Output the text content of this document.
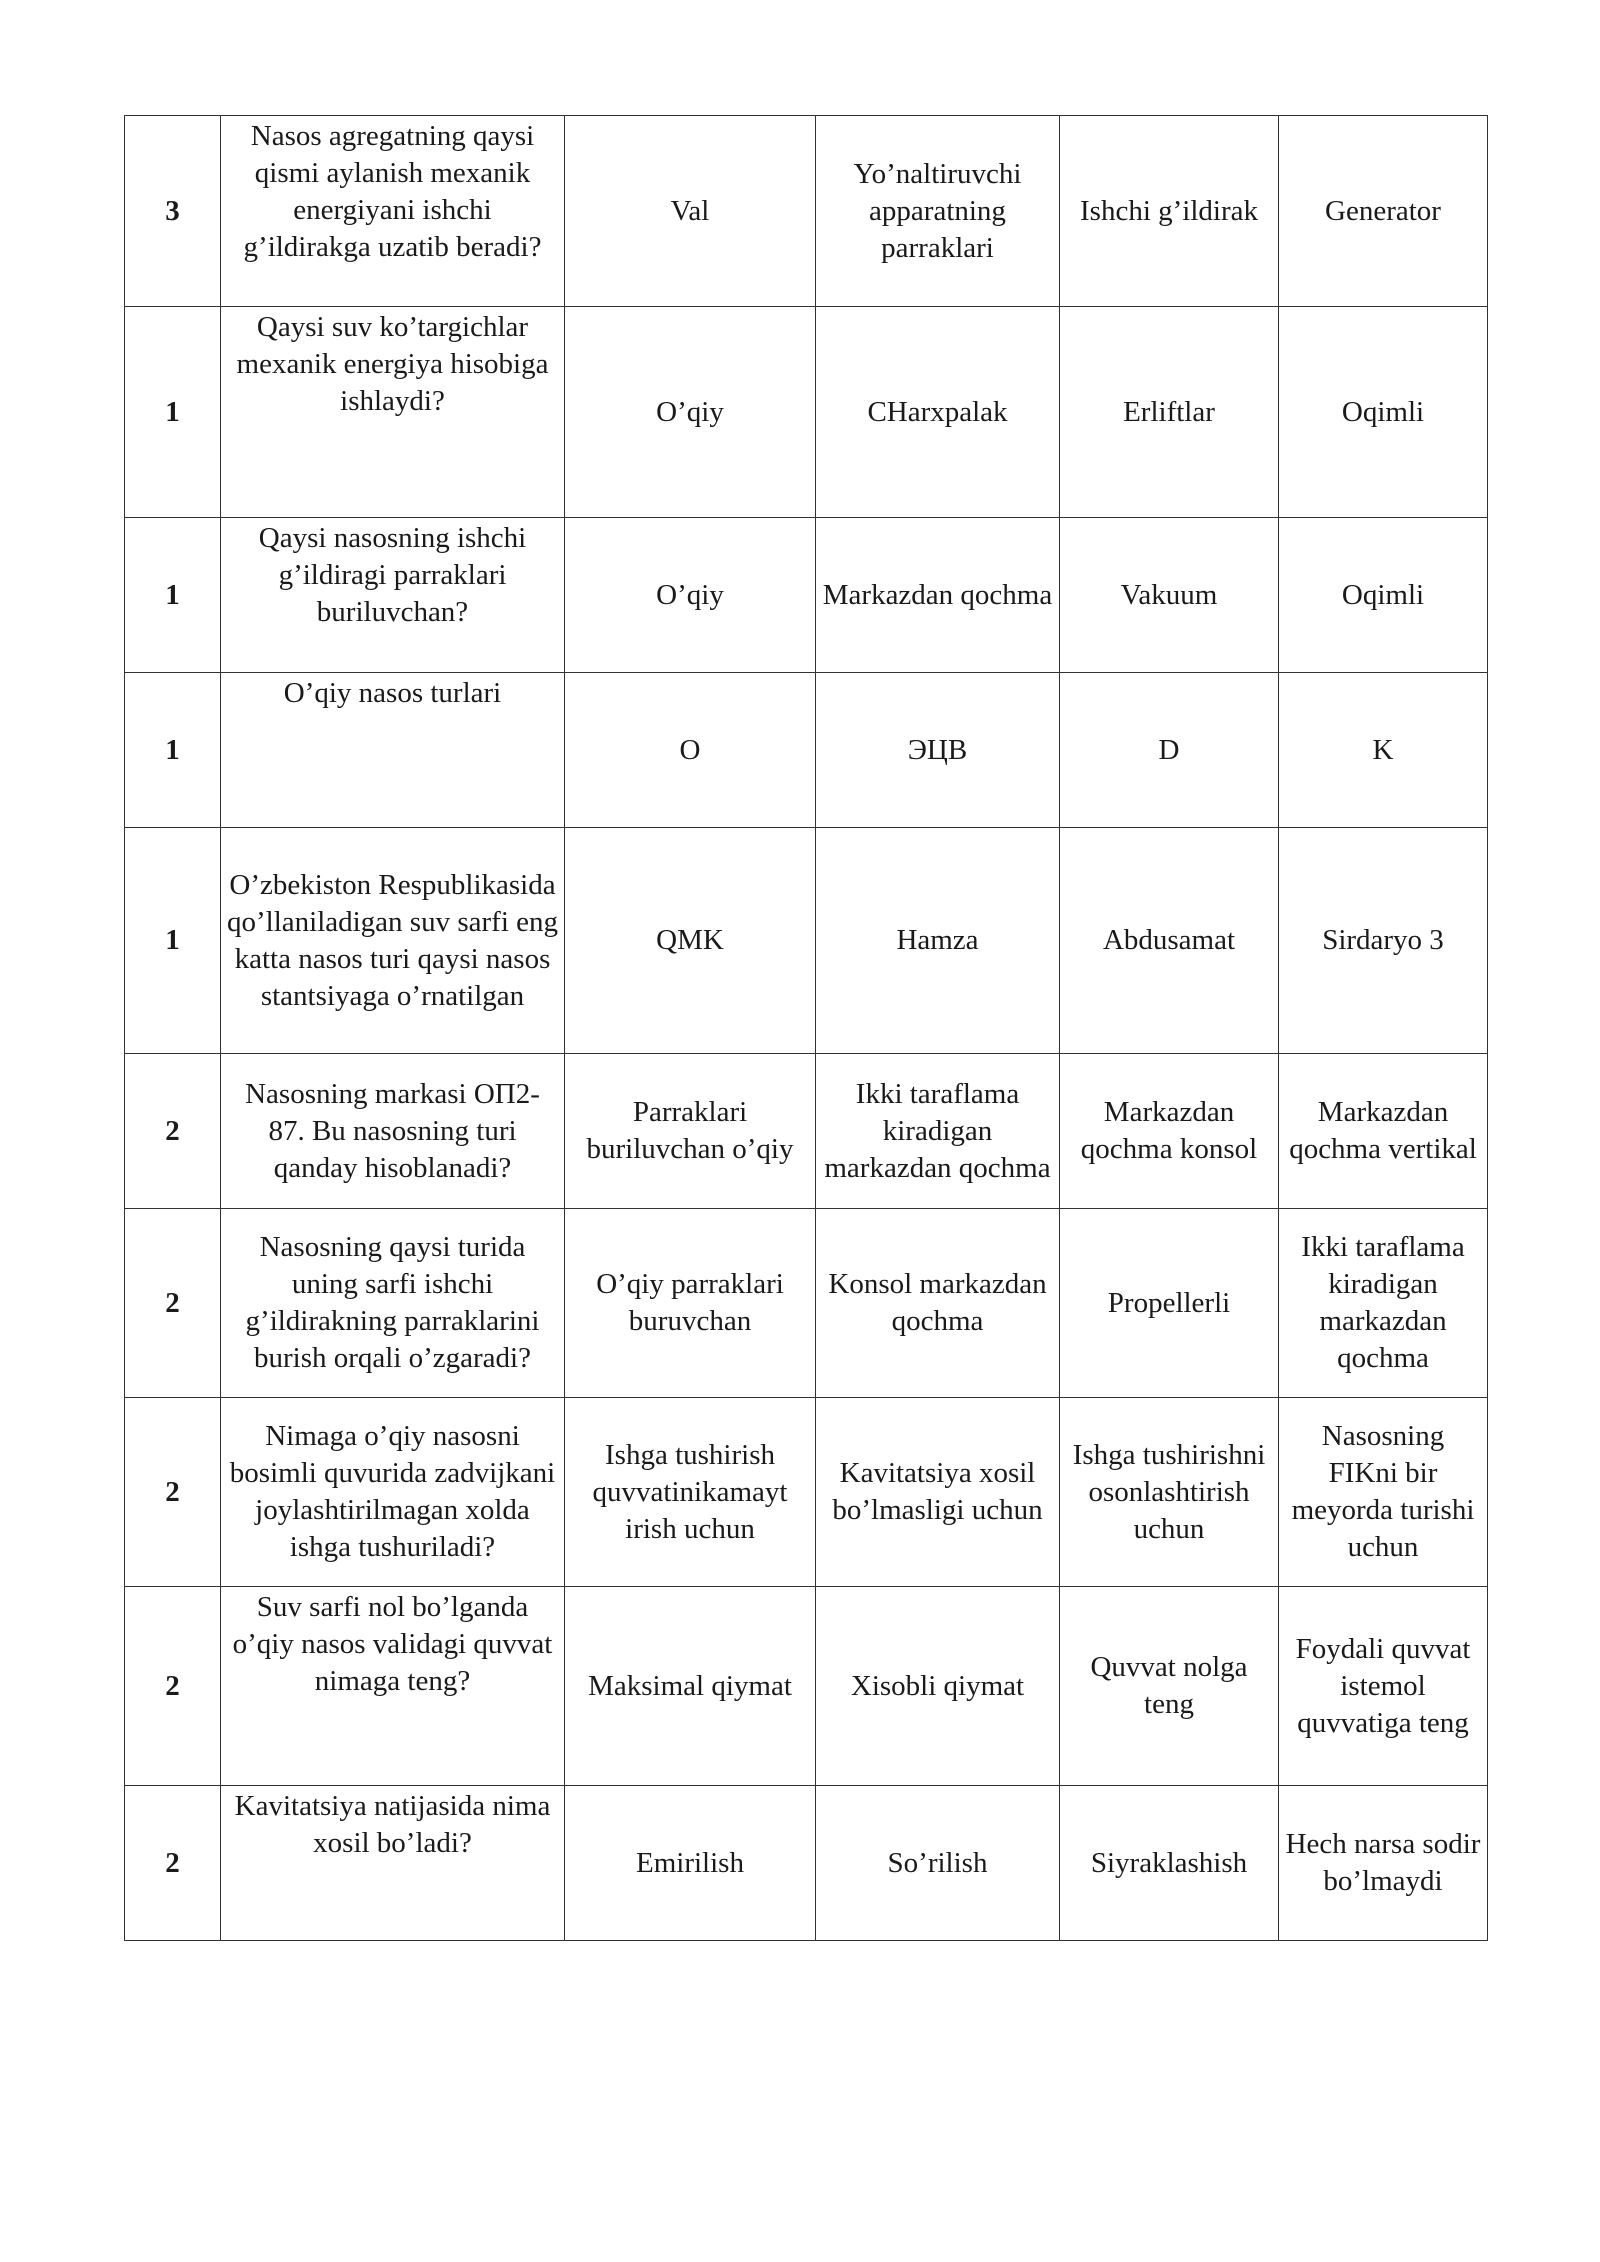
3	Nasos agregatning qaysi qismi aylanish mexanik energiyani ishchi g’ildirakga uzatib beradi?	Val	Yo’naltiruvchi apparatning parraklari	Ishchi g’ildirak	Generator
1	Qaysi suv ko’targichlar mexanik energiya hisobiga ishlaydi?	O’qiy	CHarxpalak	Erliftlar	Oqimli
1	Qaysi nasosning ishchi g’ildiragi parraklari buriluvchan?	O’qiy	Markazdan qochma	Vakuum	Oqimli
1	O’qiy nasos turlari	O	ЭЦВ	D	K
1	O’zbekiston Respublikasida qo’llaniladigan suv sarfi eng katta nasos turi qaysi nasos stantsiyaga o’rnatilgan	QMK	Hamza	Abdusamat	Sirdaryo 3
2	Nasosning markasi ОП2-87. Bu nasosning turi qanday hisoblanadi?	Parraklari buriluvchan o’qiy	Ikki taraflama kiradigan markazdan qochma	Markazdan qochma konsol	Markazdan qochma vertikal
2	Nasosning qaysi turida uning sarfi ishchi g’ildirakning parraklarini burish orqali o’zgaradi?	O’qiy parraklari buruvchan	Konsol markazdan qochma	Propellerli	Ikki taraflama kiradigan markazdan qochma
2	Nimaga o’qiy nasosni bosimli quvurida zadvijkani joylashtirilmagan xolda ishga tushuriladi?	Ishga tushirish quvvatinikamayt irish uchun	Kavitatsiya xosil bo’lmasligi uchun	Ishga tushirishni osonlashtirish uchun	Nasosning FIKni bir meyorda turishi uchun
2	Suv sarfi nol bo’lganda o’qiy nasos validagi quvvat nimaga teng?	Maksimal qiymat	Xisobli qiymat	Quvvat nolga teng	Foydali quvvat istemol quvvatiga teng
2	Kavitatsiya natijasida nima xosil bo’ladi?	Emirilish	So’rilish	Siyraklashish	Hech narsa sodir bo’lmaydi
